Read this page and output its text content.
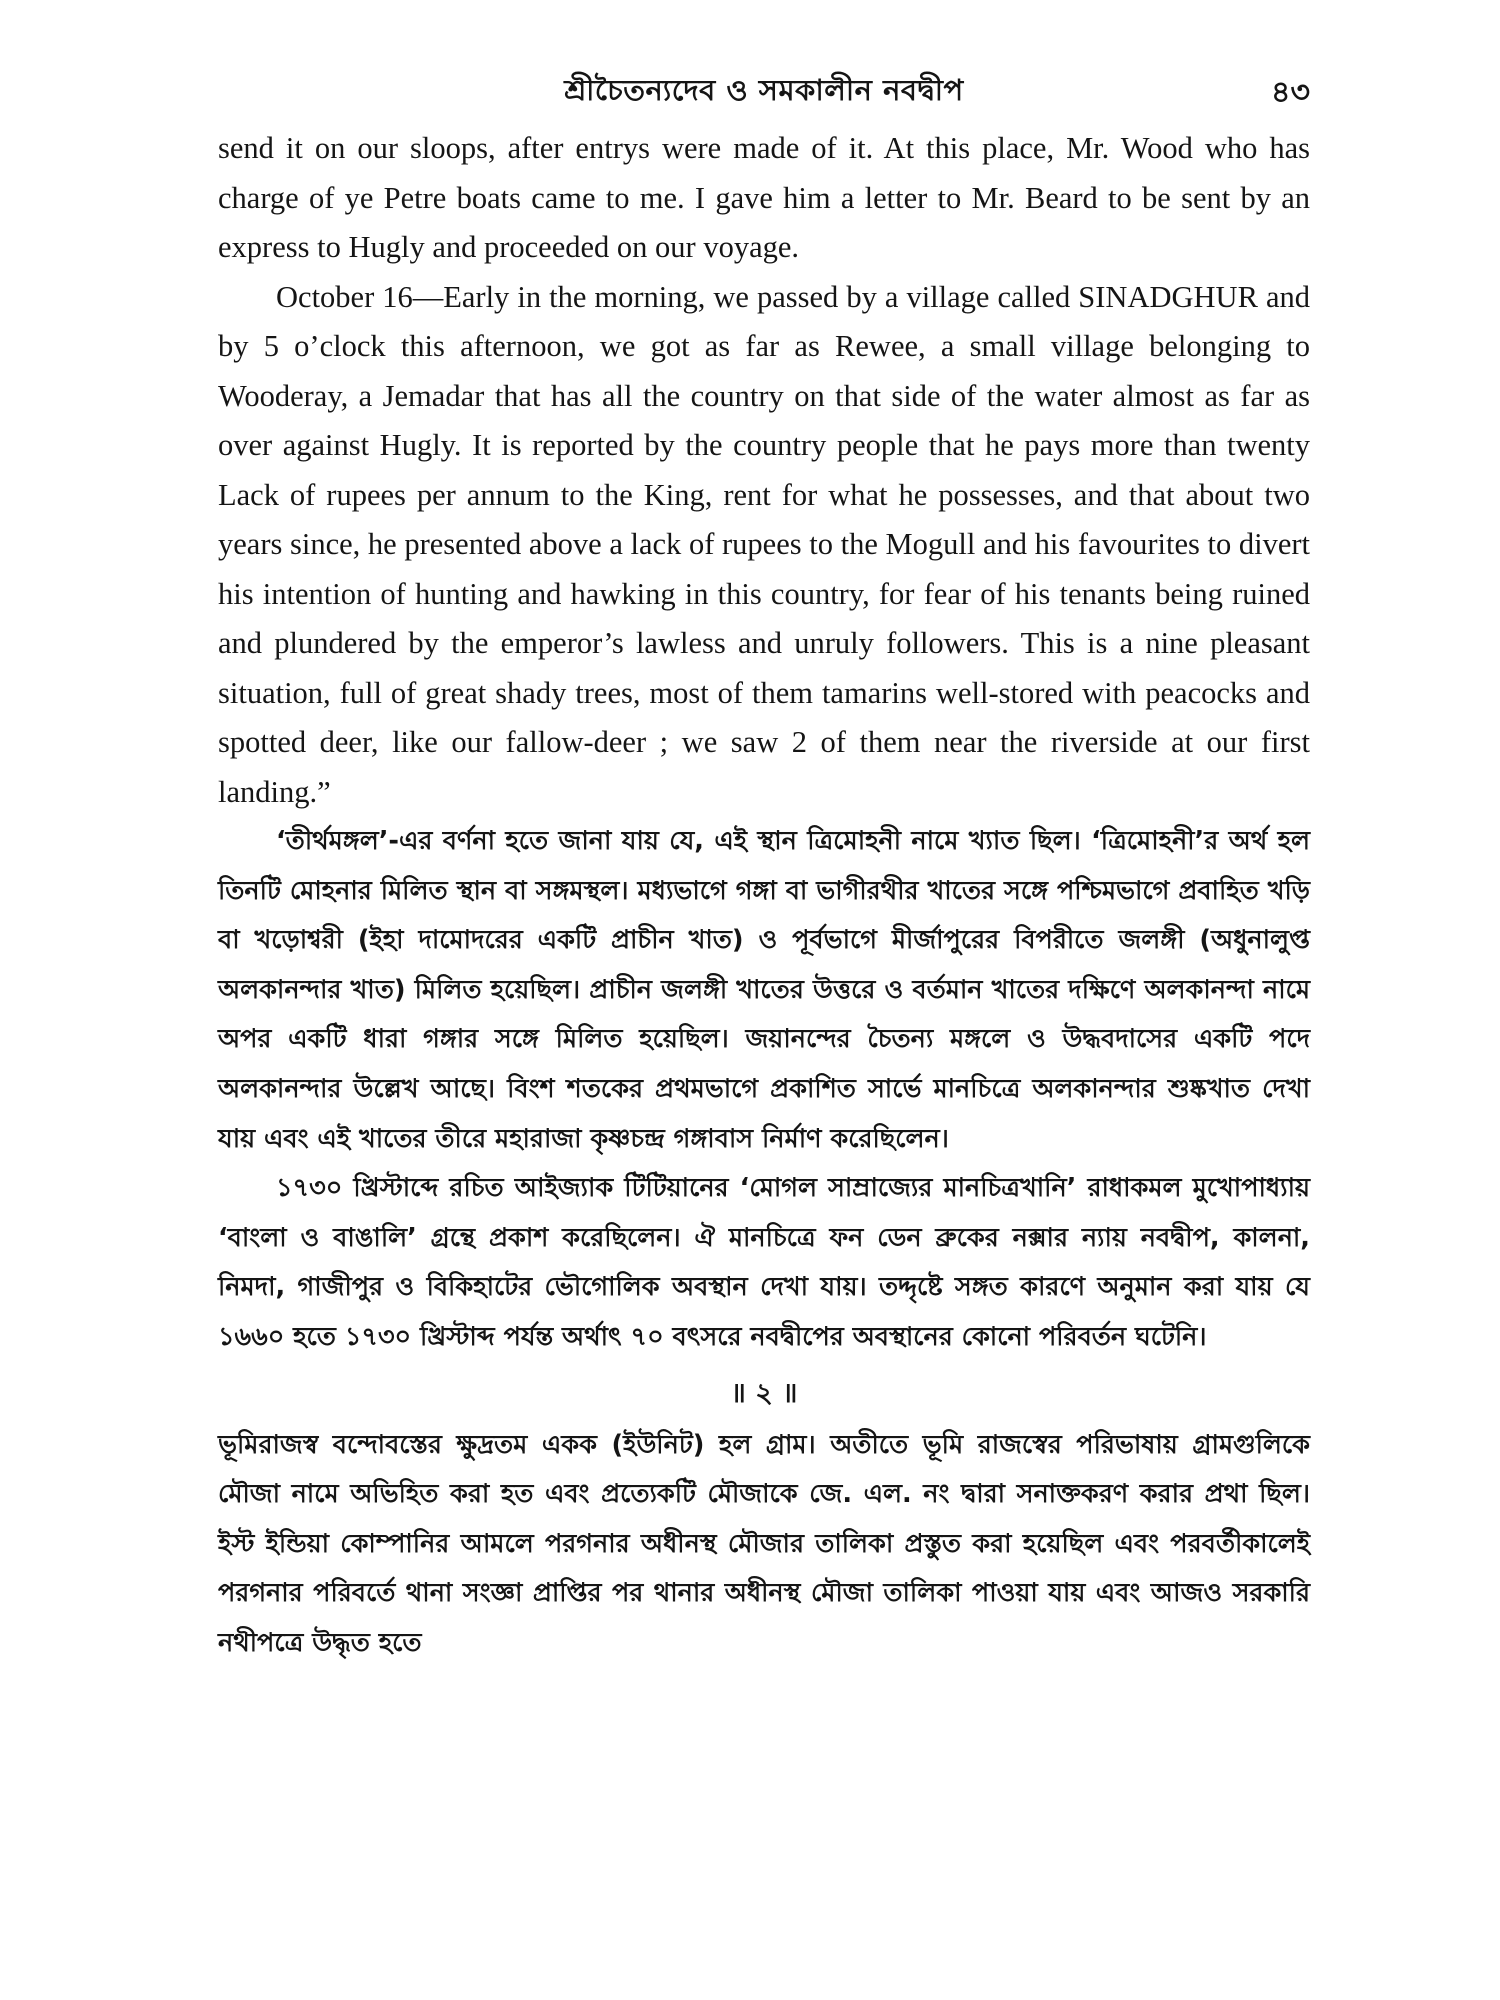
শ্রীচৈতন্যদেব ও সমকালীন নবদ্বীপ	৪৩

send it on our sloops, after entrys were made of it. At this place, Mr. Wood who has charge of ye Petre boats came to me. I gave him a letter to Mr. Beard to be sent by an express to Hugly and proceeded on our voyage.

October 16—Early in the morning, we passed by a village called SINADGHUR and by 5 o’clock this afternoon, we got as far as Rewee, a small village belonging to Wooderay, a Jemadar that has all the country on that side of the water almost as far as over against Hugly. It is reported by the country people that he pays more than twenty Lack of rupees per annum to the King, rent for what he possesses, and that about two years since, he presented above a lack of rupees to the Mogull and his favourites to divert his intention of hunting and hawking in this country, for fear of his tenants being ruined and plundered by the emperor’s lawless and unruly followers. This is a nine pleasant situation, full of great shady trees, most of them tamarins well-stored with peacocks and spotted deer, like our fallow-deer ; we saw 2 of them near the riverside at our first landing.”

‘তীর্থমঙ্গল’-এর বর্ণনা হতে জানা যায় যে, এই স্থান ত্রিমোহনী নামে খ্যাত ছিল। ‘ত্রিমোহনী’র অর্থ হল তিনটি মোহনার মিলিত স্থান বা সঙ্গমস্থল। মধ্যভাগে গঙ্গা বা ভাগীরথীর খাতের সঙ্গে পশ্চিমভাগে প্রবাহিত খড়ি বা খড়োশ্বরী (ইহা দামোদরের একটি প্রাচীন খাত) ও পূর্বভাগে মীর্জাপুরের বিপরীতে জলঙ্গী (অধুনালুপ্ত অলকানন্দার খাত) মিলিত হয়েছিল। প্রাচীন জলঙ্গী খাতের উত্তরে ও বর্তমান খাতের দক্ষিণে অলকানন্দা নামে অপর একটি ধারা গঙ্গার সঙ্গে মিলিত হয়েছিল। জয়ানন্দের চৈতন্য মঙ্গলে ও উদ্ধবদাসের একটি পদে অলকানন্দার উল্লেখ আছে। বিংশ শতকের প্রথমভাগে প্রকাশিত সার্ভে মানচিত্রে অলকানন্দার শুষ্কখাত দেখা যায় এবং এই খাতের তীরে মহারাজা কৃষ্ণচন্দ্র গঙ্গাবাস নির্মাণ করেছিলেন।

১৭৩০ খ্রিস্টাব্দে রচিত আইজ্যাক টিটিয়ানের ‘মোগল সাম্রাজ্যের মানচিত্রখানি’ রাধাকমল মুখোপাধ্যায় ‘বাংলা ও বাঙালি’ গ্রন্থে প্রকাশ করেছিলেন। ঐ মানচিত্রে ফন ডেন ব্রুকের নক্সার ন্যায় নবদ্বীপ, কালনা, নিমদা, গাজীপুর ও বিকিহাটের ভৌগোলিক অবস্থান দেখা যায়। তদ্দৃষ্টে সঙ্গত কারণে অনুমান করা যায় যে ১৬৬০ হতে ১৭৩০ খ্রিস্টাব্দ পর্যন্ত অর্থাৎ ৭০ বৎসরে নবদ্বীপের অবস্থানের কোনো পরিবর্তন ঘটেনি।

॥ ২ ॥

ভূমিরাজস্ব বন্দোবস্তের ক্ষুদ্রতম একক (ইউনিট) হল গ্রাম। অতীতে ভূমি রাজস্বের পরিভাষায় গ্রামগুলিকে মৌজা নামে অভিহিত করা হত এবং প্রত্যেকটি মৌজাকে জে. এল. নং দ্বারা সনাক্তকরণ করার প্রথা ছিল। ইস্ট ইন্ডিয়া কোম্পানির আমলে পরগনার অধীনস্থ মৌজার তালিকা প্রস্তুত করা হয়েছিল এবং পরবর্তীকালেই পরগনার পরিবর্তে থানা সংজ্ঞা প্রাপ্তির পর থানার অধীনস্থ মৌজা তালিকা পাওয়া যায় এবং আজও সরকারি নথীপত্রে উদ্ধৃত হতে
